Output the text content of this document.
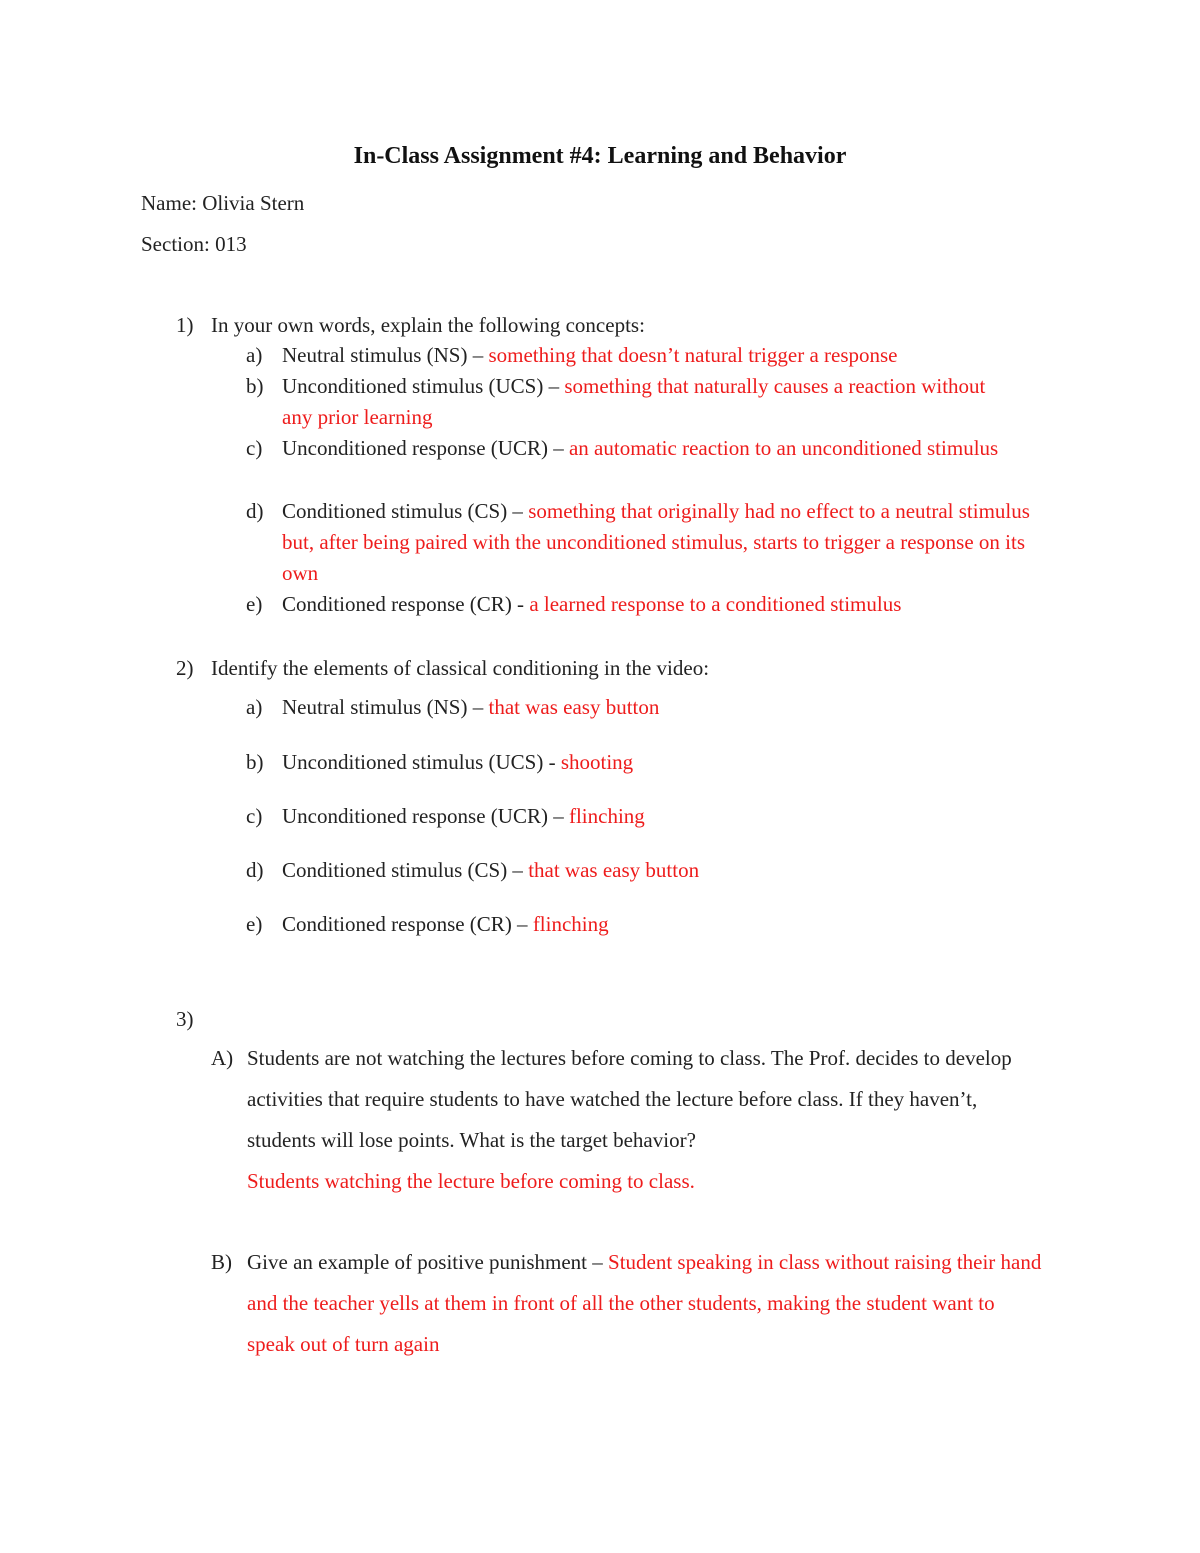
In-Class Assignment #4: Learning and Behavior
Name: Olivia Stern
Section: 013
1) In your own words, explain the following concepts:
a) Neutral stimulus (NS) – something that doesn’t natural trigger a response
b) Unconditioned stimulus (UCS) – something that naturally causes a reaction without any prior learning
c) Unconditioned response (UCR) – an automatic reaction to an unconditioned stimulus
d) Conditioned stimulus (CS) – something that originally had no effect to a neutral stimulus but, after being paired with the unconditioned stimulus, starts to trigger a response on its own
e) Conditioned response (CR) - a learned response to a conditioned stimulus
2) Identify the elements of classical conditioning in the video:
a) Neutral stimulus (NS) – that was easy button
b) Unconditioned stimulus (UCS) - shooting
c) Unconditioned response (UCR) – flinching
d) Conditioned stimulus (CS) – that was easy button
e) Conditioned response (CR) – flinching
3)
A) Students are not watching the lectures before coming to class. The Prof. decides to develop activities that require students to have watched the lecture before class. If they haven’t, students will lose points. What is the target behavior?
Students watching the lecture before coming to class.
B) Give an example of positive punishment – Student speaking in class without raising their hand and the teacher yells at them in front of all the other students, making the student want to speak out of turn again
